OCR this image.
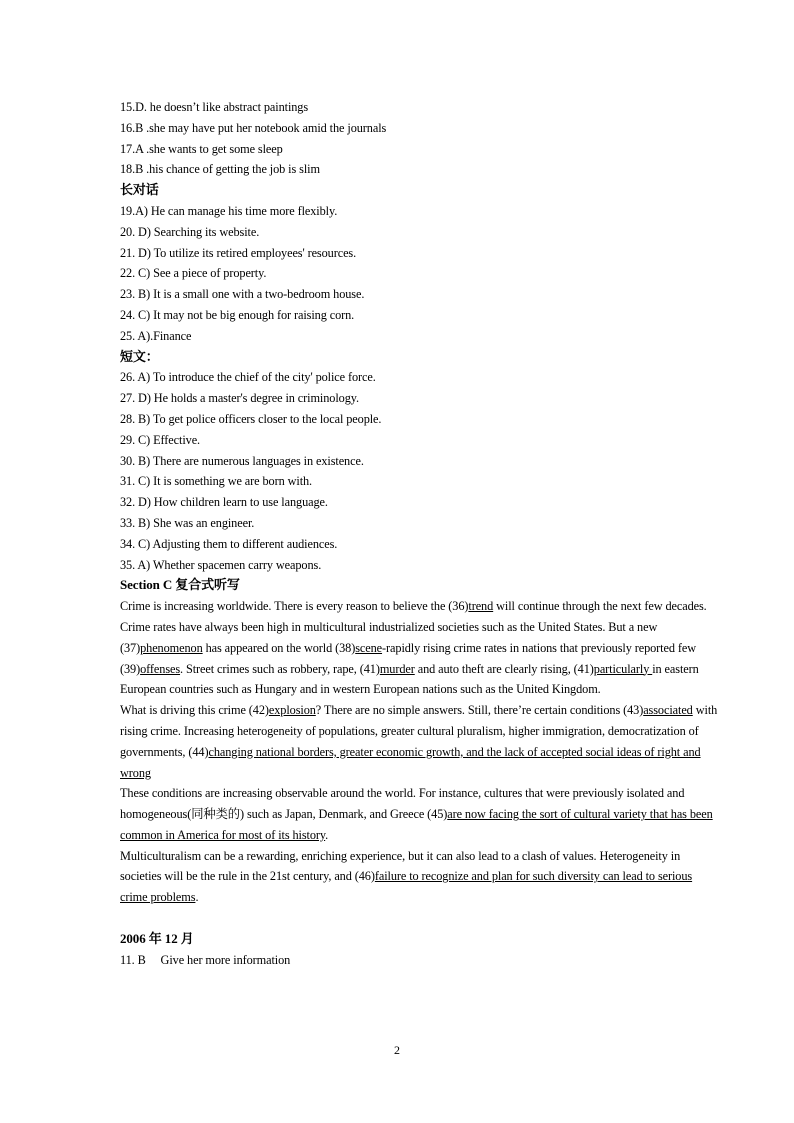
15.D. he doesn’t like abstract paintings
16.B .she may have put her notebook amid the journals
17.A .she wants to get some sleep
18.B .his chance of getting the job is slim
长对话
19.A) He can manage his time more flexibly.
20. D) Searching its website.
21. D) To utilize its retired employees' resources.
22. C) See a piece of property.
23. B) It is a small one with a two-bedroom house.
24. C) It may not be big enough for raising corn.
25. A).Finance
短文：
26. A) To introduce the chief of the city' police force.
27. D) He holds a master's degree in criminology.
28. B) To get police officers closer to the local people.
29. C) Effective.
30. B) There are numerous languages in existence.
31. C) It is something we are born with.
32. D) How children learn to use language.
33. B) She was an engineer.
34. C) Adjusting them to different audiences.
35. A) Whether spacemen carry weapons.
Section C 复合式听写
Crime is increasing worldwide. There is every reason to believe the (36)trend will continue through the next few decades.
Crime rates have always been high in multicultural industrialized societies such as the United States. But a new (37)phenomenon has appeared on the world (38)scene-rapidly rising crime rates in nations that previously reported few (39)offenses. Street crimes such as robbery, rape, (41)murder and auto theft are clearly rising, (41)particularly in eastern European countries such as Hungary and in western European nations such as the United Kingdom.
What is driving this crime (42)explosion? There are no simple answers. Still, there’re certain conditions (43)associated with rising crime. Increasing heterogeneity of populations, greater cultural pluralism, higher immigration, democratization of governments, (44)changing national borders, greater economic growth, and the lack of accepted social ideas of right and wrong
These conditions are increasing observable around the world. For instance, cultures that were previously isolated and homogeneous(同种类的) such as Japan, Denmark, and Greece (45)are now facing the sort of cultural variety that has been common in America for most of its history.
Multiculturalism can be a rewarding, enriching experience, but it can also lead to a clash of values. Heterogeneity in societies will be the rule in the 21st century, and (46)failure to recognize and plan for such diversity can lead to serious crime problems.
2006 年 12 月
11. B     Give her more information
2
